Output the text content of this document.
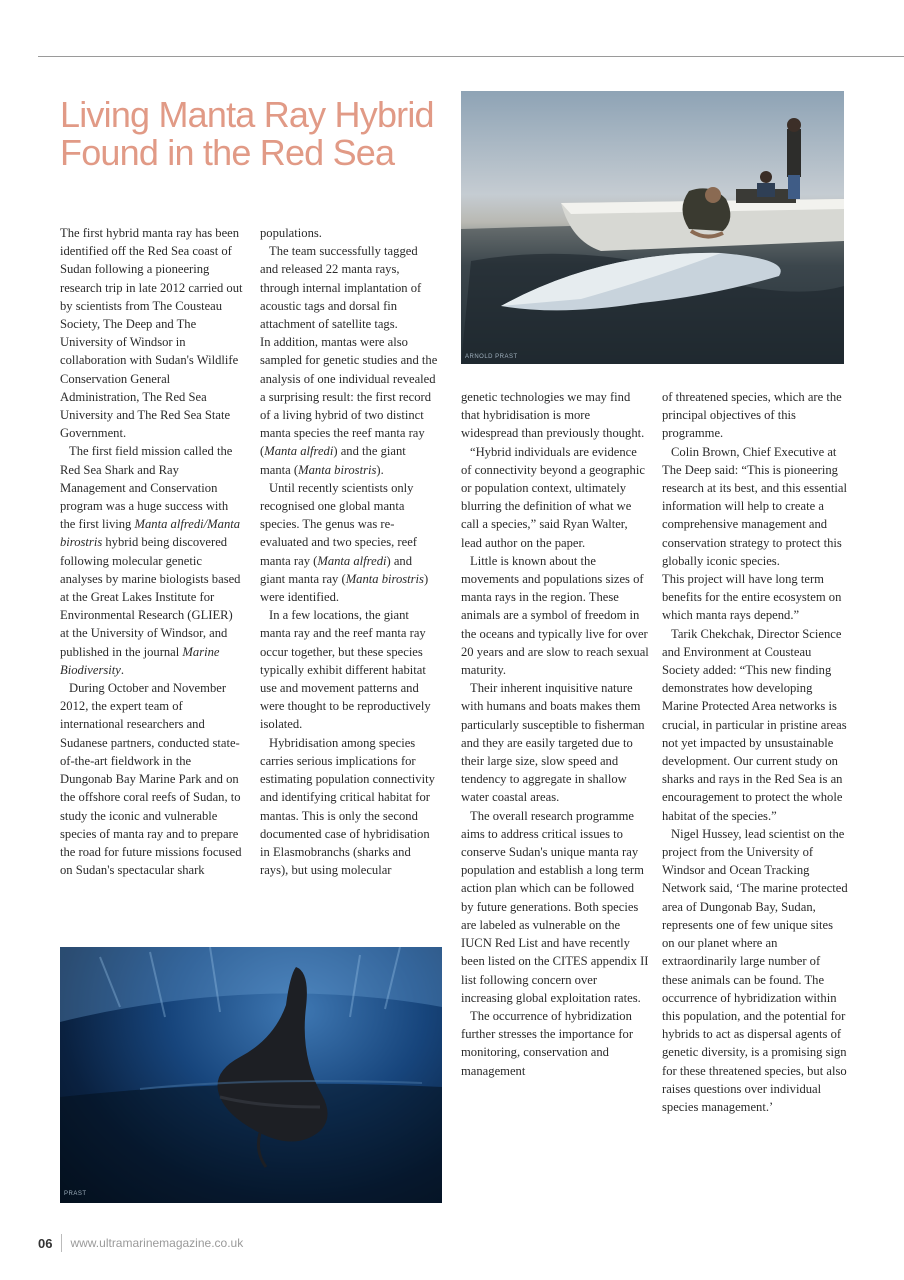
Living Manta Ray Hybrid Found in the Red Sea

The first hybrid manta ray has been identified off the Red Sea coast of Sudan following a pioneering research trip in late 2012 carried out by scientists from The Cousteau Society, The Deep and The University of Windsor in collaboration with Sudan's Wildlife Conservation General Administration, The Red Sea University and The Red Sea State Government.

The first field mission called the Red Sea Shark and Ray Management and Conservation program was a huge success with the first living Manta alfredi/Manta birostris hybrid being discovered following molecular genetic analyses by marine biologists based at the Great Lakes Institute for Environmental Research (GLIER) at the University of Windsor, and published in the journal Marine Biodiversity.

During October and November 2012, the expert team of international researchers and Sudanese partners, conducted state-of-the-art fieldwork in the Dungonab Bay Marine Park and on the offshore coral reefs of Sudan, to study the iconic and vulnerable species of manta ray and to prepare the road for future missions focused on Sudan's spectacular shark

populations.

The team successfully tagged and released 22 manta rays, through internal implantation of acoustic tags and dorsal fin attachment of satellite tags.

In addition, mantas were also sampled for genetic studies and the analysis of one individual revealed a surprising result: the first record of a living hybrid of two distinct manta species the reef manta ray (Manta alfredi) and the giant manta (Manta birostris).

Until recently scientists only recognised one global manta species. The genus was re-evaluated and two species, reef manta ray (Manta alfredi) and giant manta ray (Manta birostris) were identified.

In a few locations, the giant manta ray and the reef manta ray occur together, but these species typically exhibit different habitat use and movement patterns and were thought to be reproductively isolated.

Hybridisation among species carries serious implications for estimating population connectivity and identifying critical habitat for mantas. This is only the second documented case of hybridisation in Elasmobranchs (sharks and rays), but using molecular

ARNOLD PRAST
PRAST

genetic technologies we may find that hybridisation is more widespread than previously thought.

“Hybrid individuals are evidence of connectivity beyond a geographic or population context, ultimately blurring the definition of what we call a species,” said Ryan Walter, lead author on the paper.

Little is known about the movements and populations sizes of manta rays in the region. These animals are a symbol of freedom in the oceans and typically live for over 20 years and are slow to reach sexual maturity.

Their inherent inquisitive nature with humans and boats makes them particularly susceptible to fisherman and they are easily targeted due to their large size, slow speed and tendency to aggregate in shallow water coastal areas.

The overall research programme aims to address critical issues to conserve Sudan's unique manta ray population and establish a long term action plan which can be followed by future generations. Both species are labeled as vulnerable on the IUCN Red List and have recently been listed on the CITES appendix II list following concern over increasing global exploitation rates.

The occurrence of hybridization further stresses the importance for monitoring, conservation and management

of threatened species, which are the principal objectives of this programme.

Colin Brown, Chief Executive at The Deep said: “This is pioneering research at its best, and this essential information will help to create a comprehensive management and conservation strategy to protect this globally iconic species.

This project will have long term benefits for the entire ecosystem on which manta rays depend.”

Tarik Chekchak, Director Science and Environment at Cousteau Society added: “This new finding demonstrates how developing Marine Protected Area networks is crucial, in particular in pristine areas not yet impacted by unsustainable development. Our current study on sharks and rays in the Red Sea is an encouragement to protect the whole habitat of the species.”

Nigel Hussey, lead scientist on the project from the University of Windsor and Ocean Tracking Network said, ‘The marine protected area of Dungonab Bay, Sudan, represents one of few unique sites on our planet where an extraordinarily large number of these animals can be found. The occurrence of hybridization within this population, and the potential for hybrids to act as dispersal agents of genetic diversity, is a promising sign for these threatened species, but also raises questions over individual species management.’

06 www.ultramarinemagazine.co.uk
